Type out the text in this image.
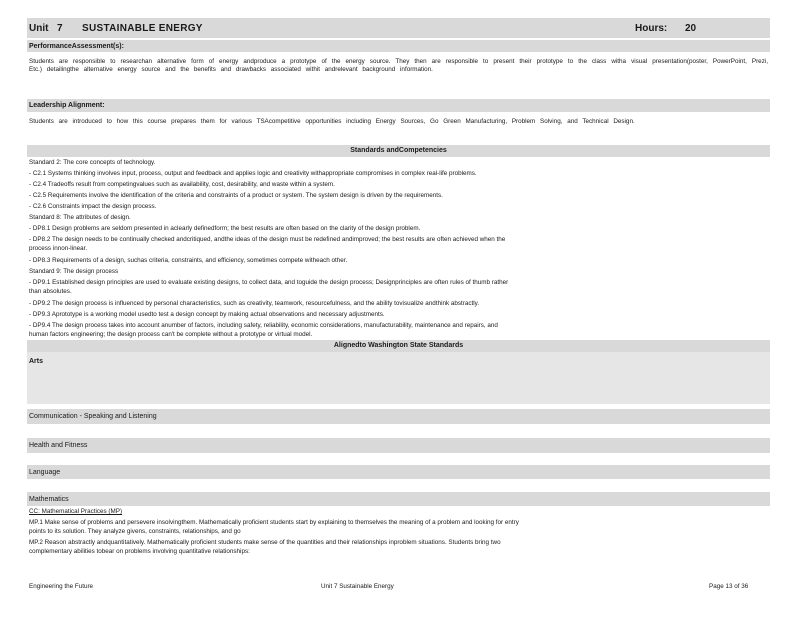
Unit 7 SUSTAINABLE ENERGY	Hours: 20
PerformanceAssessment(s):
Students are responsible to researchan alternative form of energy andproduce a prototype of the energy source. They then are responsible to present their prototype to the class witha visual presentation(poster, PowerPoint, Prezi, Etc.) detailingthe alternative energy source and the benefits and drawbacks associated withit andrelevant background information.
Leadership Alignment:
Students are introduced to how this course prepares them for various TSAcompetitive opportunities including Energy Sources, Go Green Manufacturing, Problem Solving, and Technical Design.
Standards andCompetencies
Standard 2: The core concepts of technology.
- C2.1 Systems thinking involves input, process, output and feedback and applies logic and creativity withappropriate compromises in complex real-life problems.
- C2.4 Tradeoffs result from competingvalues such as availability, cost, desirability, and waste within a system.
- C2.5 Requirements involve the identification of the criteria and constraints of a product or system. The system design is driven by the requirements.
- C2.6 Constraints impact the design process.
Standard 8: The attributes of design.
- DP8.1 Design problems are seldom presented in aclearly definedform; the best results are often based on the clarity of the design problem.
- DP8.2 The design needs to be continually checked andcritiqued, andthe ideas of the design must be redefined andimproved; the best results are often achieved when the
process innon-linear.
- DP8.3 Requirements of a design, suchas criteria, constraints, and efficiency, sometimes compete witheach other.
Standard 9: The design process
- DP9.1 Established design principles are used to evaluate existing designs, to collect data, and toguide the design process; Designprinciples are often rules of thumb rather
than absolutes.
- DP9.2 The design process is influenced by personal characteristics, such as creativity, teamwork, resourcefulness, and the ability tovisualize andthink abstractly.
- DP9.3 Aprototype is a working model usedto test a design concept by making actual observations and necessary adjustments.
- DP9.4 The design process takes into account anumber of factors, including safety, reliability, economic considerations, manufacturability, maintenance and repairs, and
human factors engineering; the design process can't be complete without a prototype or virtual model.
Alignedto Washington State Standards
Arts
Communication - Speaking and Listening
Health and Fitness
Language
Mathematics
CC: Mathematical Practices (MP)
MP.1 Make sense of problems and persevere insolvingthem. Mathematically proficient students start by explaining to themselves the meaning of a problem and looking for entry
points to its solution. They analyze givens, constraints, relationships, and go
MP.2 Reason abstractly andquantitatively. Mathematically proficient students make sense of the quantities and their relationships inproblem situations. Students bring two
complementary abilities tobear on problems involving quantitative relationships:
Engineering the Future	Unit 7 Sustainable Energy	Page 13 of 36
